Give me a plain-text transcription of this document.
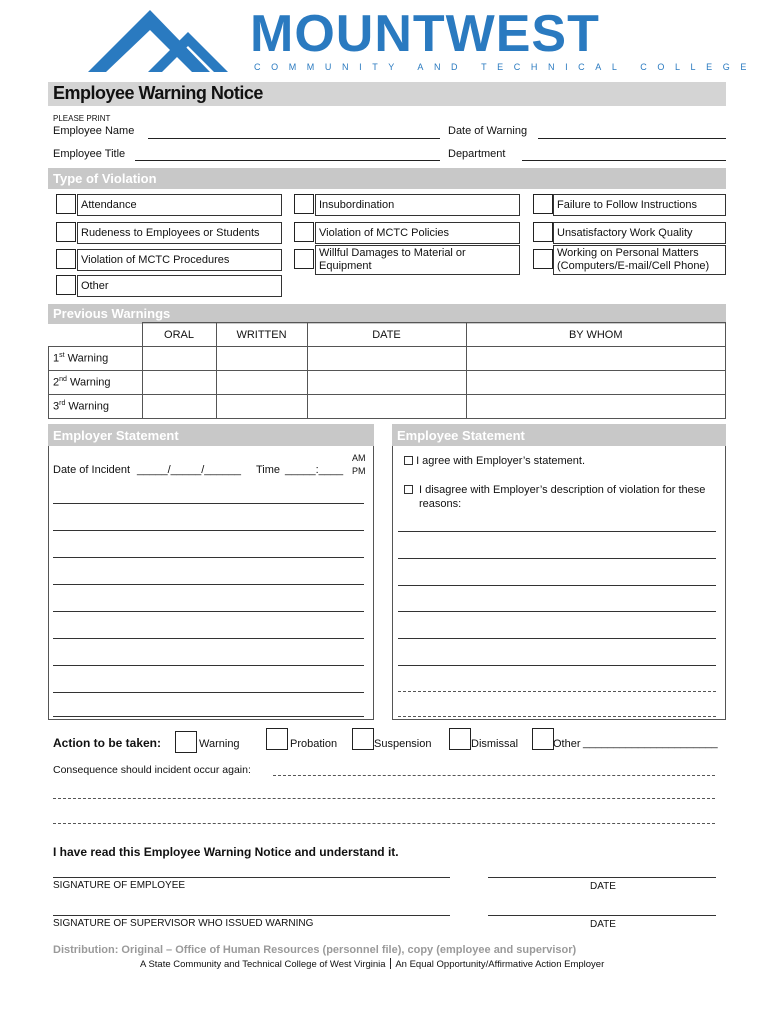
MOUNTWEST
COMMUNITY AND TECHNICAL COLLEGE
Employee Warning Notice
PLEASE PRINT
Employee Name	Date of Warning
Employee Title	Department
Type of Violation
Attendance
Rudeness to Employees or Students
Violation of MCTC Procedures
Other
Insubordination
Violation of MCTC Policies
Willful Damages to Material or Equipment
Failure to Follow Instructions
Unsatisfactory Work Quality
Working on Personal Matters (Computers/E-mail/Cell Phone)
Previous Warnings
	ORAL	WRITTEN	DATE	BY WHOM
1st Warning				
2nd Warning				
3rd Warning				
Employer Statement
Date of Incident _____/_____/______ Time _____:____
AM
PM
Employee Statement
I agree with Employer’s statement.
I disagree with Employer’s description of violation for these reasons:
Action to be taken:	Warning	Probation	Suspension	Dismissal	Other ______________________
Consequence should incident occur again:
I have read this Employee Warning Notice and understand it.
SIGNATURE OF EMPLOYEE	DATE
SIGNATURE OF SUPERVISOR WHO ISSUED WARNING	DATE
Distribution: Original – Office of Human Resources (personnel file), copy (employee and supervisor)
A State Community and Technical College of West Virginia An Equal Opportunity/Affirmative Action Employer
